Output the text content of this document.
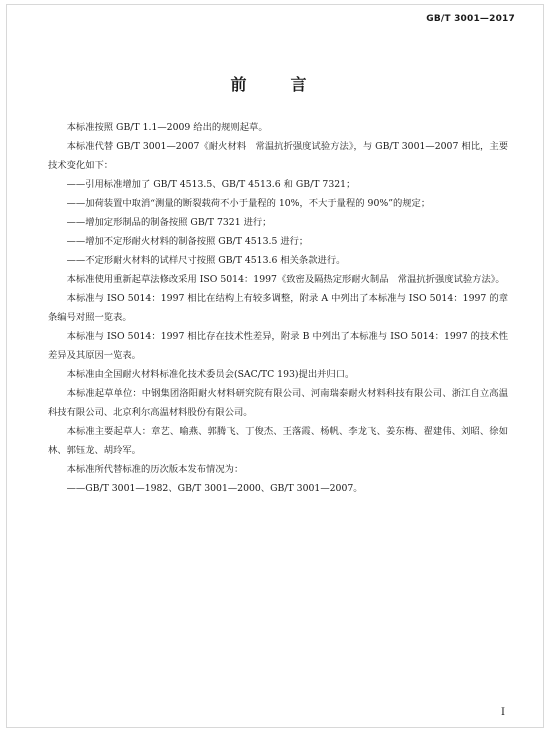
GB/T 3001—2017
前　言

本标准按照 GB/T 1.1—2009 给出的规则起草。

本标准代替 GB/T 3001—2007《耐火材料　常温抗折强度试验方法》，与 GB/T 3001—2007 相比，主要技术变化如下：

——引用标准增加了 GB/T 4513.5、GB/T 4513.6 和 GB/T 7321；

——加荷装置中取消“测量的断裂载荷不小于量程的 10%，不大于量程的 90%”的规定；

——增加定形制品的制备按照 GB/T 7321 进行；

——增加不定形耐火材料的制备按照 GB/T 4513.5 进行；

——不定形耐火材料的试样尺寸按照 GB/T 4513.6 相关条款进行。

本标准使用重新起草法修改采用 ISO 5014：1997《致密及隔热定形耐火制品　常温抗折强度试验方法》。

本标准与 ISO 5014：1997 相比在结构上有较多调整，附录 A 中列出了本标准与 ISO 5014：1997 的章条编号对照一览表。

本标准与 ISO 5014：1997 相比存在技术性差异，附录 B 中列出了本标准与 ISO 5014：1997 的技术性差异及其原因一览表。

本标准由全国耐火材料标准化技术委员会(SAC/TC 193)提出并归口。

本标准起草单位：中钢集团洛阳耐火材料研究院有限公司、河南瑞泰耐火材料科技有限公司、浙江自立高温科技有限公司、北京利尔高温材料股份有限公司。

本标准主要起草人：章艺、喻燕、郭腾飞、丁俊杰、王落霞、杨帆、李龙飞、姜东梅、翟建伟、刘昭、徐如林、郭钰龙、胡玲军。

本标准所代替标准的历次版本发布情况为：

——GB/T 3001—1982、GB/T 3001—2000、GB/T 3001—2007。

I
